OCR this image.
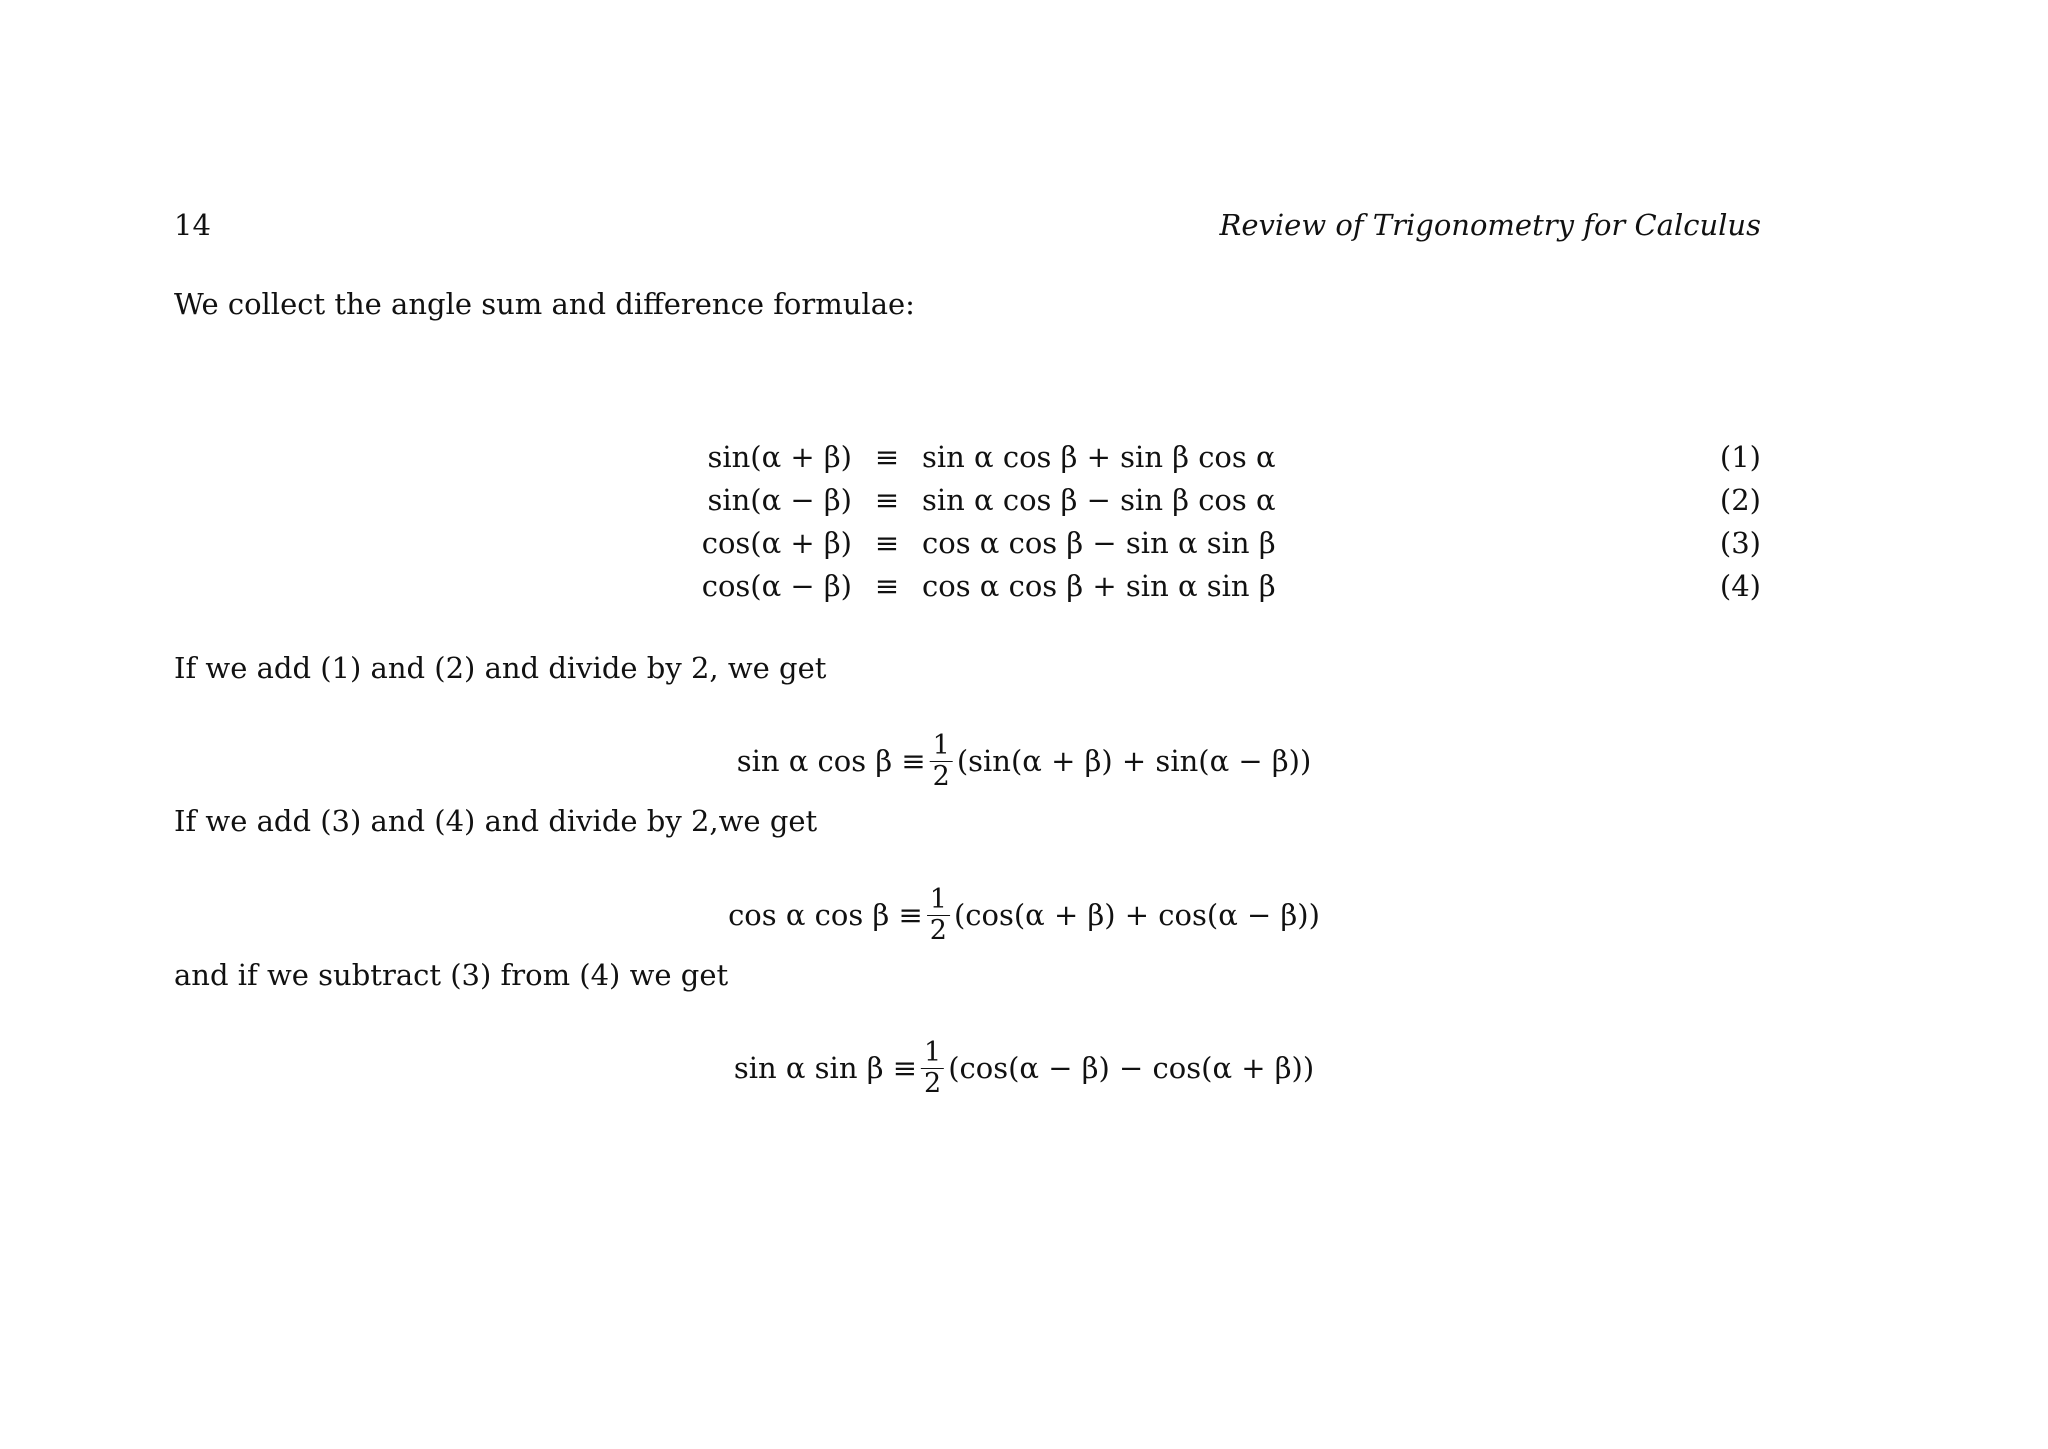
14	Review of Trigonometry for Calculus
We collect the angle sum and difference formulae:
sin(α + β) ≡ sin α cos β + sin β cos α	(1)
sin(α − β) ≡ sin α cos β − sin β cos α	(2)
cos(α + β) ≡ cos α cos β − sin α sin β	(3)
cos(α − β) ≡ cos α cos β + sin α sin β	(4)
If we add (1) and (2) and divide by 2, we get
sin α $\cos \beta \equiv \frac{1}{2} (\sin(\alpha + \beta) + \sin(\alpha - \beta))$
If we add (3) and (4) and divide by 2,we get
cos α $\cos \beta \equiv \frac{1}{2} (\cos(\alpha + \beta) + \cos(\alpha - \beta))$
and if we subtract (3) from (4) we get
sin α $\sin \beta \equiv \frac{1}{2} (\cos(\alpha - \beta) - \cos(\alpha + \beta))$
